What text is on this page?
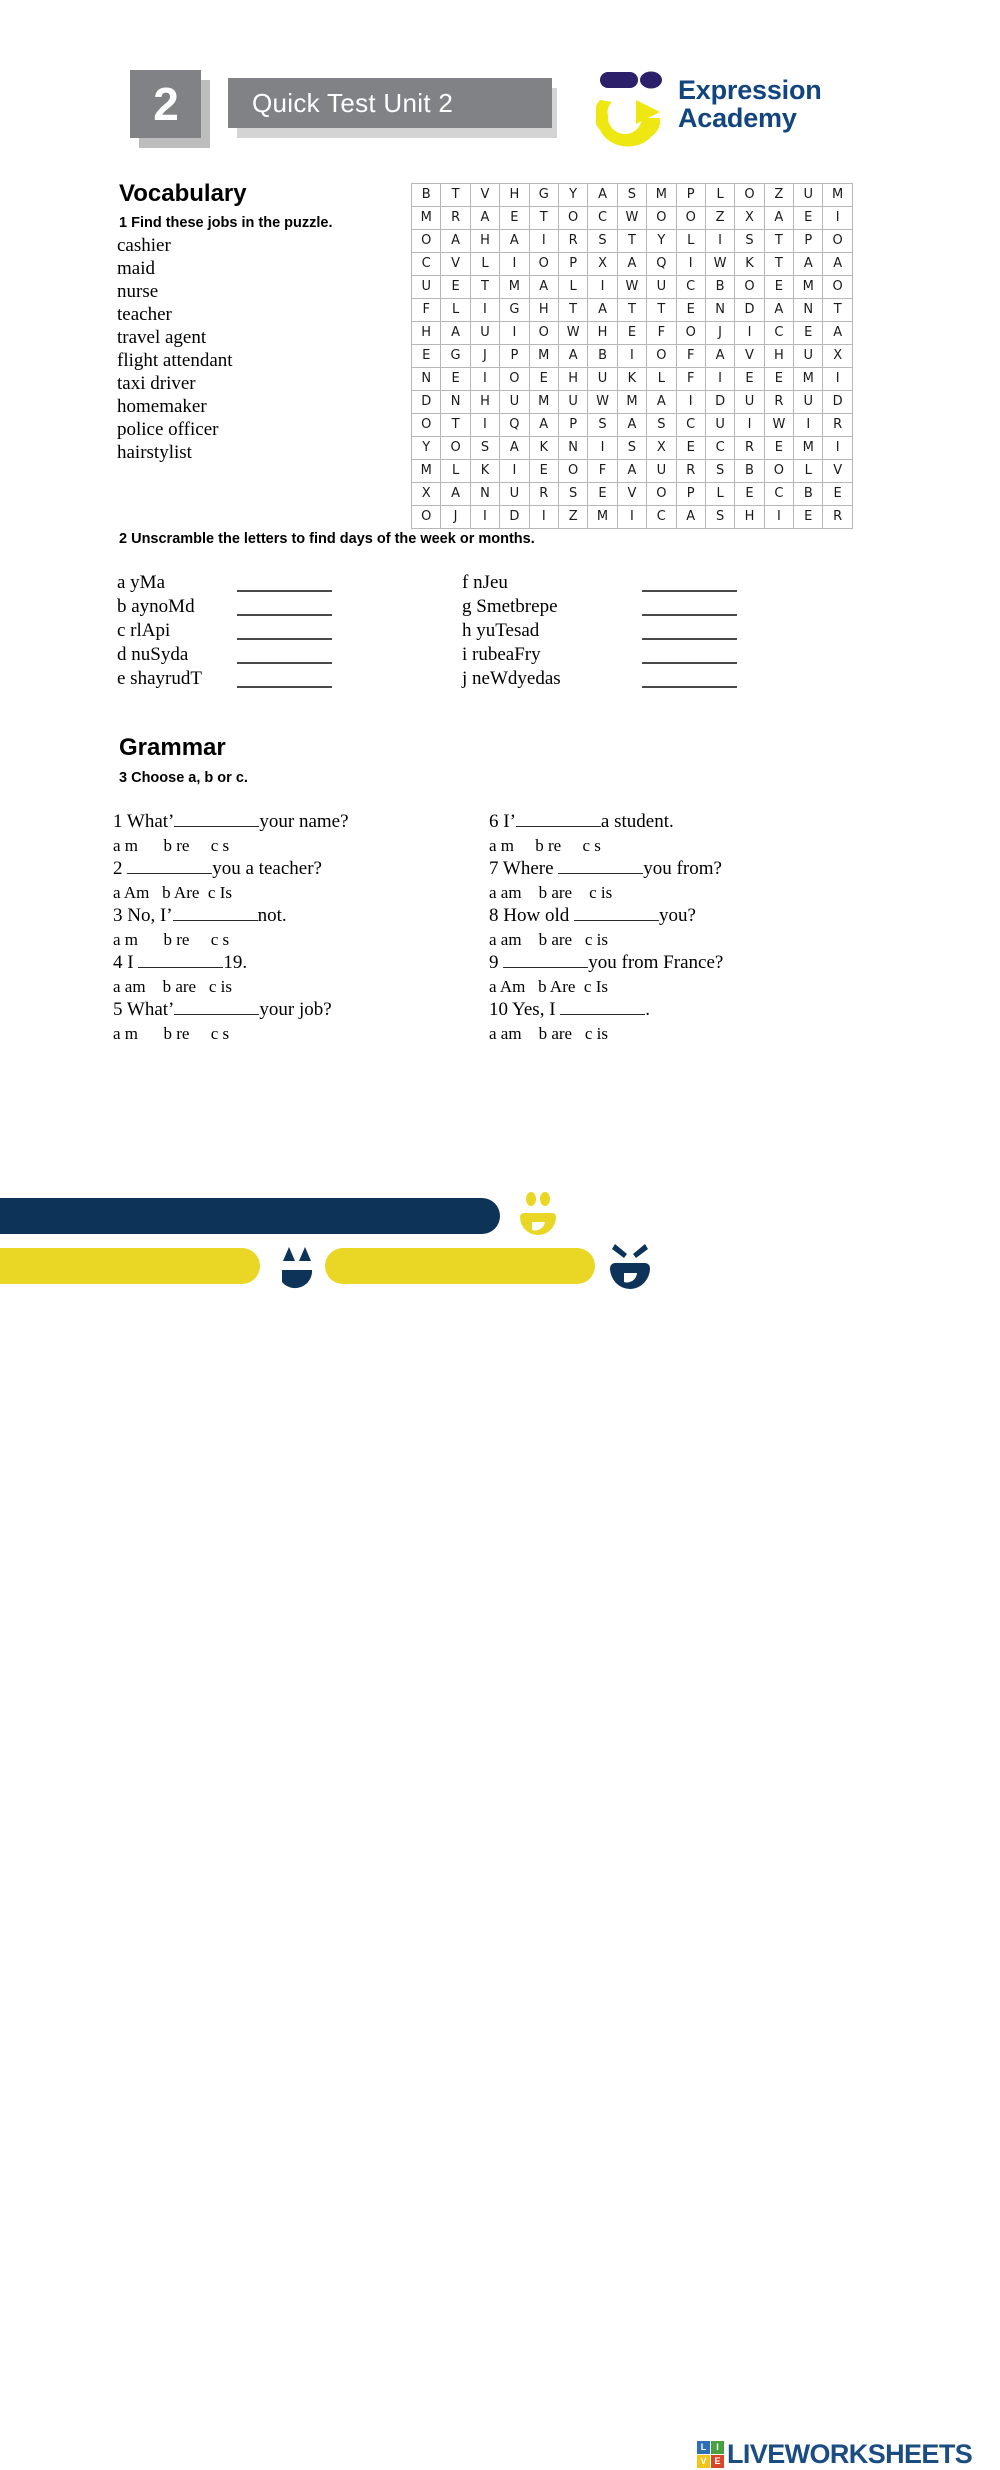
2	Quick Test Unit 2	Expression
Academy
Vocabulary
1 Find these jobs in the puzzle.
cashier
maid
nurse
teacher
travel agent
flight attendant
taxi driver
homemaker
police officer
hairstylist
B	T	V	H	G	Y	A	S	M	P	L	O	Z	U	M
M	R	A	E	T	O	C	W	O	O	Z	X	A	E	I
O	A	H	A	I	R	S	T	Y	L	I	S	T	P	O
C	V	L	I	O	P	X	A	Q	I	W	K	T	A	A
U	E	T	M	A	L	I	W	U	C	B	O	E	M	O
F	L	I	G	H	T	A	T	T	E	N	D	A	N	T
H	A	U	I	O	W	H	E	F	O	J	I	C	E	A
E	G	J	P	M	A	B	I	O	F	A	V	H	U	X
N	E	I	O	E	H	U	K	L	F	I	E	E	M	I
D	N	H	U	M	U	W	M	A	I	D	U	R	U	D
O	T	I	Q	A	P	S	A	S	C	U	I	W	I	R
Y	O	S	A	K	N	I	S	X	E	C	R	E	M	I
M	L	K	I	E	O	F	A	U	R	S	B	O	L	V
X	A	N	U	R	S	E	V	O	P	L	E	C	B	E
O	J	I	D	I	Z	M	I	C	A	S	H	I	E	R
2 Unscramble the letters to find days of the week or months.
a yMa
b aynoMd
c rlApi
d nuSyda
e shayrudT
f nJeu
g Smetbrepe
h yuTesad
i rubeaFry
j neWdyedas
Grammar
3 Choose a, b or c.
1 What’	your name?
a m      b re     c s
2	you a teacher?
a Am   b Are  c Is
3 No, I’	not.
a m      b re     c s
4 I	19.
a am    b are   c is
5 What’	your job?
a m      b re     c s
6 I’	a student.
a m     b re     c s
7 Where	you from?
a am    b are    c is
8 How old	you?
a am    b are   c is
9	you from France?
a Am   b Are  c Is
10 Yes, I	.
a am    b are   c is
L	I
V E LIVEWORKSHEETS
